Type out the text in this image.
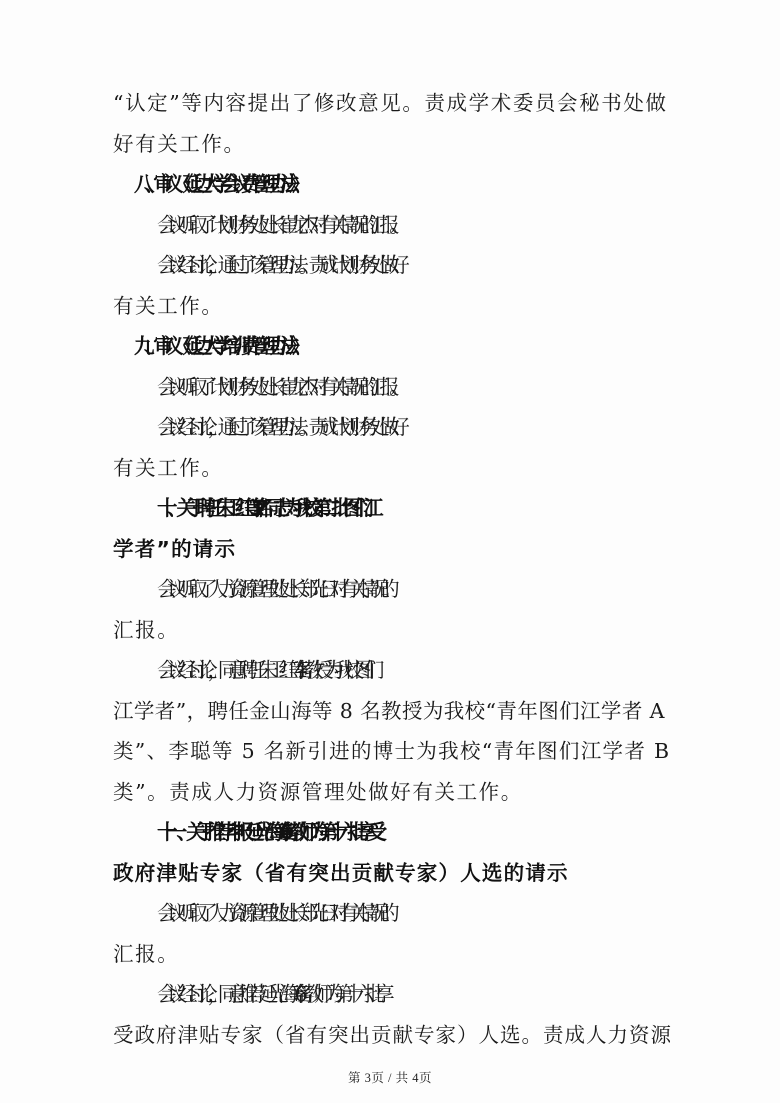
“认定”等内容提出了修改意见。责成学术委员会秘书处做

好有关工作。

八、审议《延边大学会议费管理办法》

会议听取了计划财务处处长崔龙杰对有关情况的汇报。

会议经讨论，通过了该管理办法。责成计划财务处做好

有关工作。

九、审议《延边大学培训费管理办法》

会议听取了计划财务处处长崔龙杰对有关情况的汇报。

会议经讨论，通过了该管理办法。责成计划财务处做好

有关工作。

十、关于聘任朱卫红等 17 名同志为我校第二批“图们江

学者”的请示

会议听取了人力资源管理处处长郑光日对有关情况的

汇报。

会议经讨论，同意聘任朱卫红等 4 名教授为我校“图们

江学者”，聘任金山海等 8 名教授为我校“青年图们江学者 A

类”、李聪等 5 名新引进的博士为我校“青年图们江学者 B

类”。责成人力资源管理处做好有关工作。

十一、关于推荐申报延光海等 6 名教师为第十六批享受

政府津贴专家（省有突出贡献专家）人选的请示

会议听取了人力资源管理处处长郑光日对有关情况的

汇报。

会议经讨论，同意推荐延光海等 6 名教师为第十六批享

受政府津贴专家（省有突出贡献专家）人选。责成人力资源

第 3页 / 共 4页
